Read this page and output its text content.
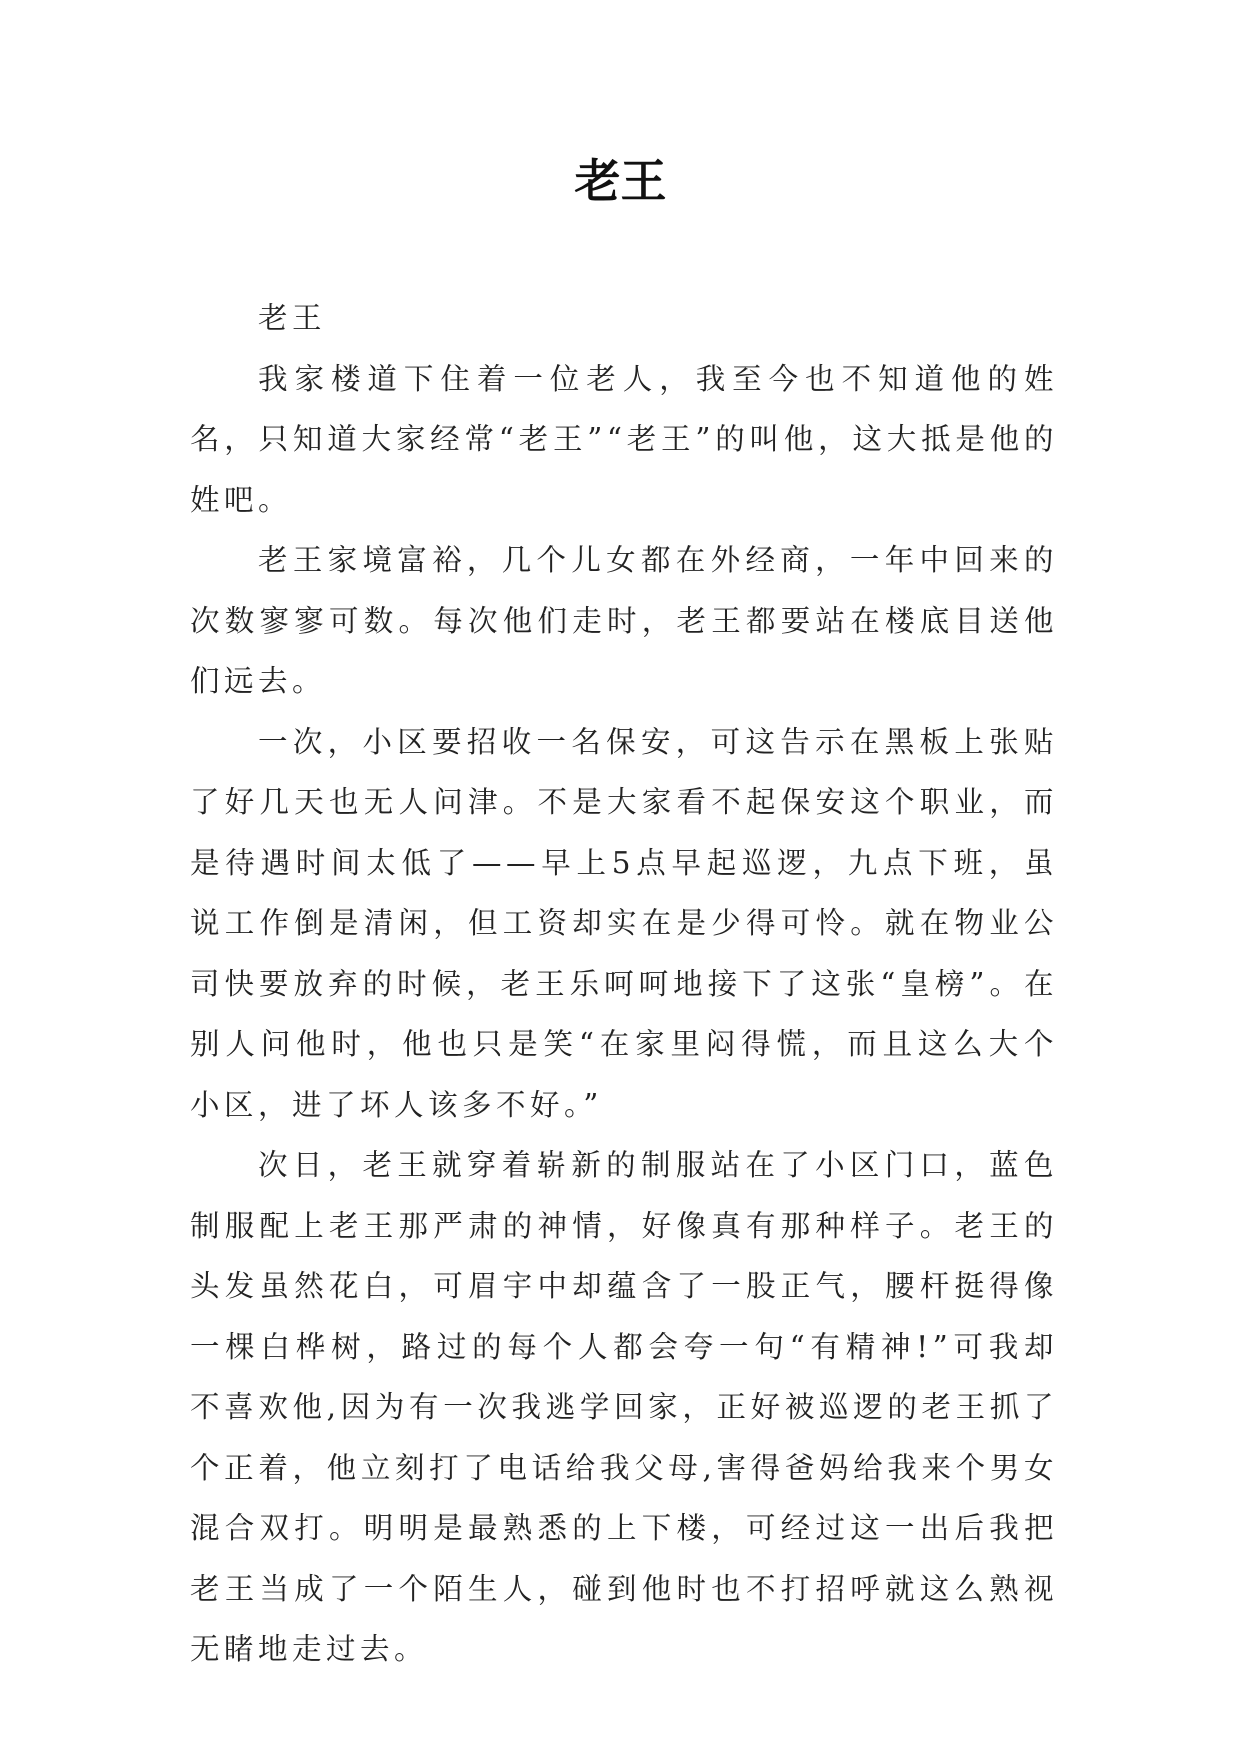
老王

老王

我家楼道下住着一位老人，我至今也不知道他的姓名，只知道大家经常“老王”“老王”的叫他，这大抵是他的姓吧。

老王家境富裕，几个儿女都在外经商，一年中回来的次数寥寥可数。每次他们走时，老王都要站在楼底目送他们远去。

一次，小区要招收一名保安，可这告示在黑板上张贴了好几天也无人问津。不是大家看不起保安这个职业，而是待遇时间太低了——早上5点早起巡逻，九点下班，虽说工作倒是清闲，但工资却实在是少得可怜。就在物业公司快要放弃的时候，老王乐呵呵地接下了这张“皇榜”。在别人问他时，他也只是笑“在家里闷得慌，而且这么大个小区，进了坏人该多不好。”

次日，老王就穿着崭新的制服站在了小区门口，蓝色制服配上老王那严肃的神情，好像真有那种样子。老王的头发虽然花白，可眉宇中却蕴含了一股正气，腰杆挺得像一棵白桦树，路过的每个人都会夸一句“有精神!”可我却不喜欢他,因为有一次我逃学回家，正好被巡逻的老王抓了个正着，他立刻打了电话给我父母,害得爸妈给我来个男女混合双打。明明是最熟悉的上下楼，可经过这一出后我把老王当成了一个陌生人，碰到他时也不打招呼就这么熟视无睹地走过去。
